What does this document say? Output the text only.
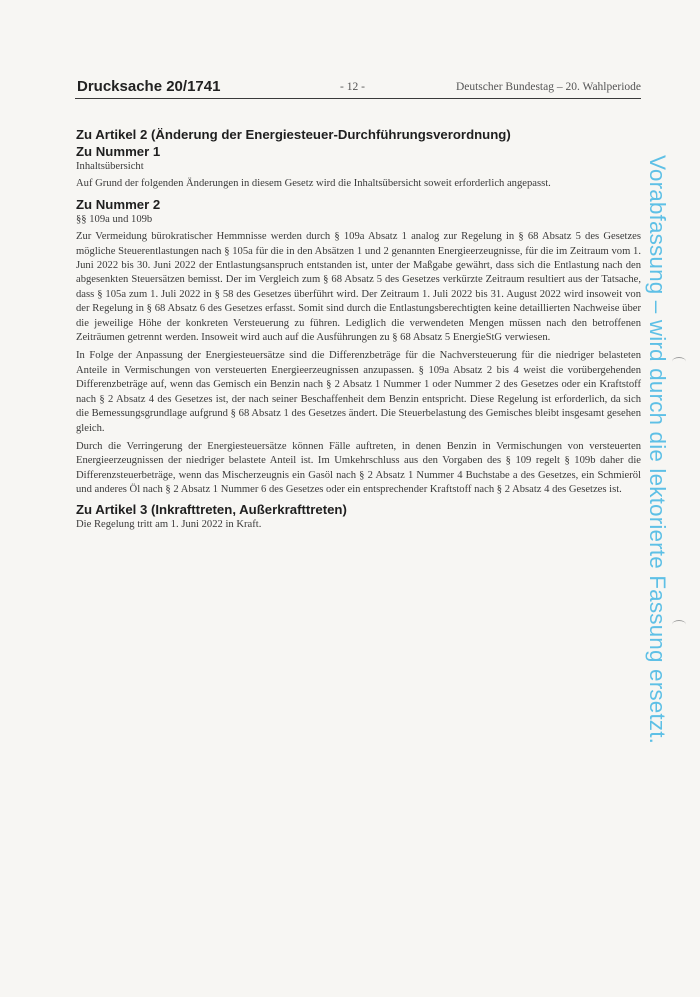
Drucksache 20/1741	- 12 -	Deutscher Bundestag – 20. Wahlperiode
Zu Artikel 2 (Änderung der Energiesteuer-Durchführungsverordnung)
Zu Nummer 1

Inhaltsübersicht

Auf Grund der folgenden Änderungen in diesem Gesetz wird die Inhaltsübersicht soweit erforderlich angepasst.

Zu Nummer 2

§§ 109a und 109b

Zur Vermeidung bürokratischer Hemmnisse werden durch § 109a Absatz 1 analog zur Regelung in § 68 Absatz 5 des Gesetzes mögliche Steuerentlastungen nach § 105a für die in den Absätzen 1 und 2 genannten Energieerzeugnisse, für die im Zeitraum vom 1. Juni 2022 bis 30. Juni 2022 der Entlastungsanspruch entstanden ist, unter der Maßgabe gewährt, dass sich die Entlastung nach den abgesenkten Steuersätzen bemisst. Der im Vergleich zum § 68 Absatz 5 des Gesetzes verkürzte Zeitraum resultiert aus der Tatsache, dass § 105a zum 1. Juli 2022 in § 58 des Gesetzes überführt wird. Der Zeitraum 1. Juli 2022 bis 31. August 2022 wird insoweit von der Regelung in § 68 Absatz 6 des Gesetzes erfasst. Somit sind durch die Entlastungsberechtigten keine detaillierten Nachweise über die jeweilige Höhe der konkreten Versteuerung zu führen. Lediglich die verwendeten Mengen müssen nach den betroffenen Zeiträumen getrennt werden. Insoweit wird auch auf die Ausführungen zu § 68 Absatz 5 EnergieStG verwiesen.

In Folge der Anpassung der Energiesteuersätze sind die Differenzbeträge für die Nachversteuerung für die niedriger belasteten Anteile in Vermischungen von versteuerten Energieerzeugnissen anzupassen. § 109a Absatz 2 bis 4 weist die vorübergehenden Differenzbeträge auf, wenn das Gemisch ein Benzin nach § 2 Absatz 1 Nummer 1 oder Nummer 2 des Gesetzes oder ein Kraftstoff nach § 2 Absatz 4 des Gesetzes ist, der nach seiner Beschaffenheit dem Benzin entspricht. Diese Regelung ist erforderlich, da sich die Bemessungsgrundlage aufgrund § 68 Absatz 1 des Gesetzes ändert. Die Steuerbelastung des Gemisches bleibt insgesamt gesehen gleich.

Durch die Verringerung der Energiesteuersätze können Fälle auftreten, in denen Benzin in Vermischungen von versteuerten Energieerzeugnissen der niedriger belastete Anteil ist. Im Umkehrschluss aus den Vorgaben des § 109 regelt § 109b daher die Differenzsteuerbeträge, wenn das Mischerzeugnis ein Gasöl nach § 2 Absatz 1 Nummer 4 Buchstabe a des Gesetzes, ein Schmieröl und anderes Öl nach § 2 Absatz 1 Nummer 6 des Gesetzes oder ein entsprechender Kraftstoff nach § 2 Absatz 4 des Gesetzes ist.

Zu Artikel 3 (Inkrafttreten, Außerkrafttreten)

Die Regelung tritt am 1. Juni 2022 in Kraft.	Vorabfassung – wird durch die lektorierte Fassung ersetzt.
